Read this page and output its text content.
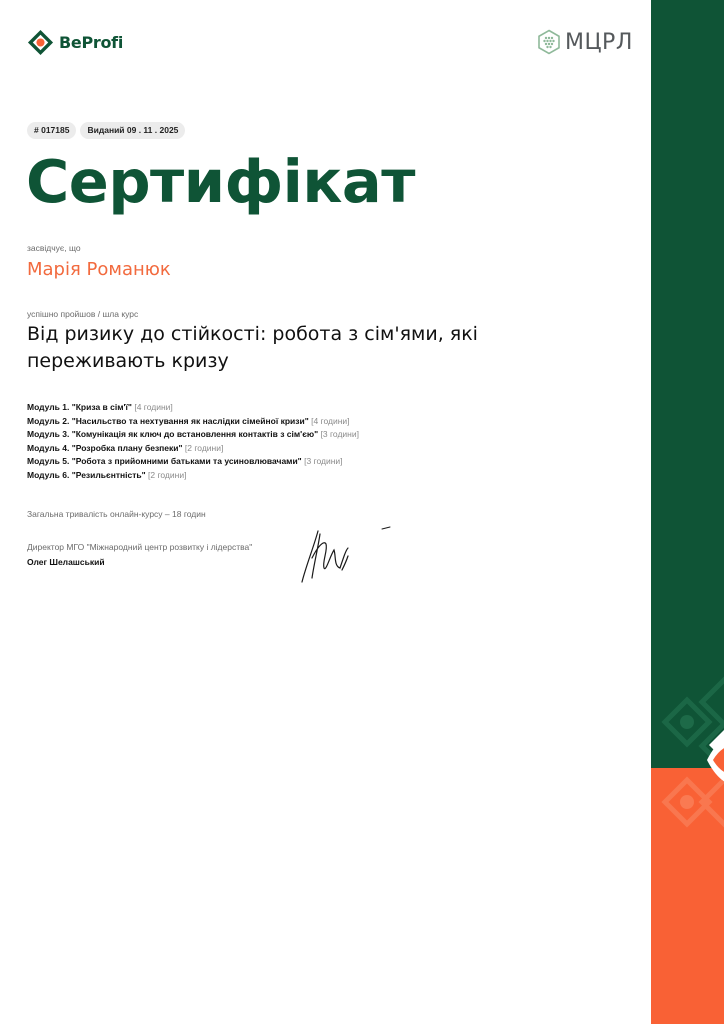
BeProfi	МЦРЛ
# 017185	Виданий 09 . 11 . 2025
Сертифікат
засвідчує, що
Марія Романюк
успішно пройшов / шла курс
Від ризику до стійкості: робота з сім'ями, які переживають кризу
Модуль 1. "Криза в сім'ї" [4 години]
Модуль 2. "Насильство та нехтування як наслідки сімейної кризи" [4 години]
Модуль 3. "Комунікація як ключ до встановлення контактів з сім'єю" [3 години]
Модуль 4. "Розробка плану безпеки" [2 години]
Модуль 5. "Робота з прийомними батьками та усиновлювачами" [3 години]
Модуль 6. "Резильєнтність" [2 години]
Загальна тривалість онлайн-курсу – 18 годин
Директор МГО "Міжнародний центр розвитку і лідерства"
Олег Шелашський
